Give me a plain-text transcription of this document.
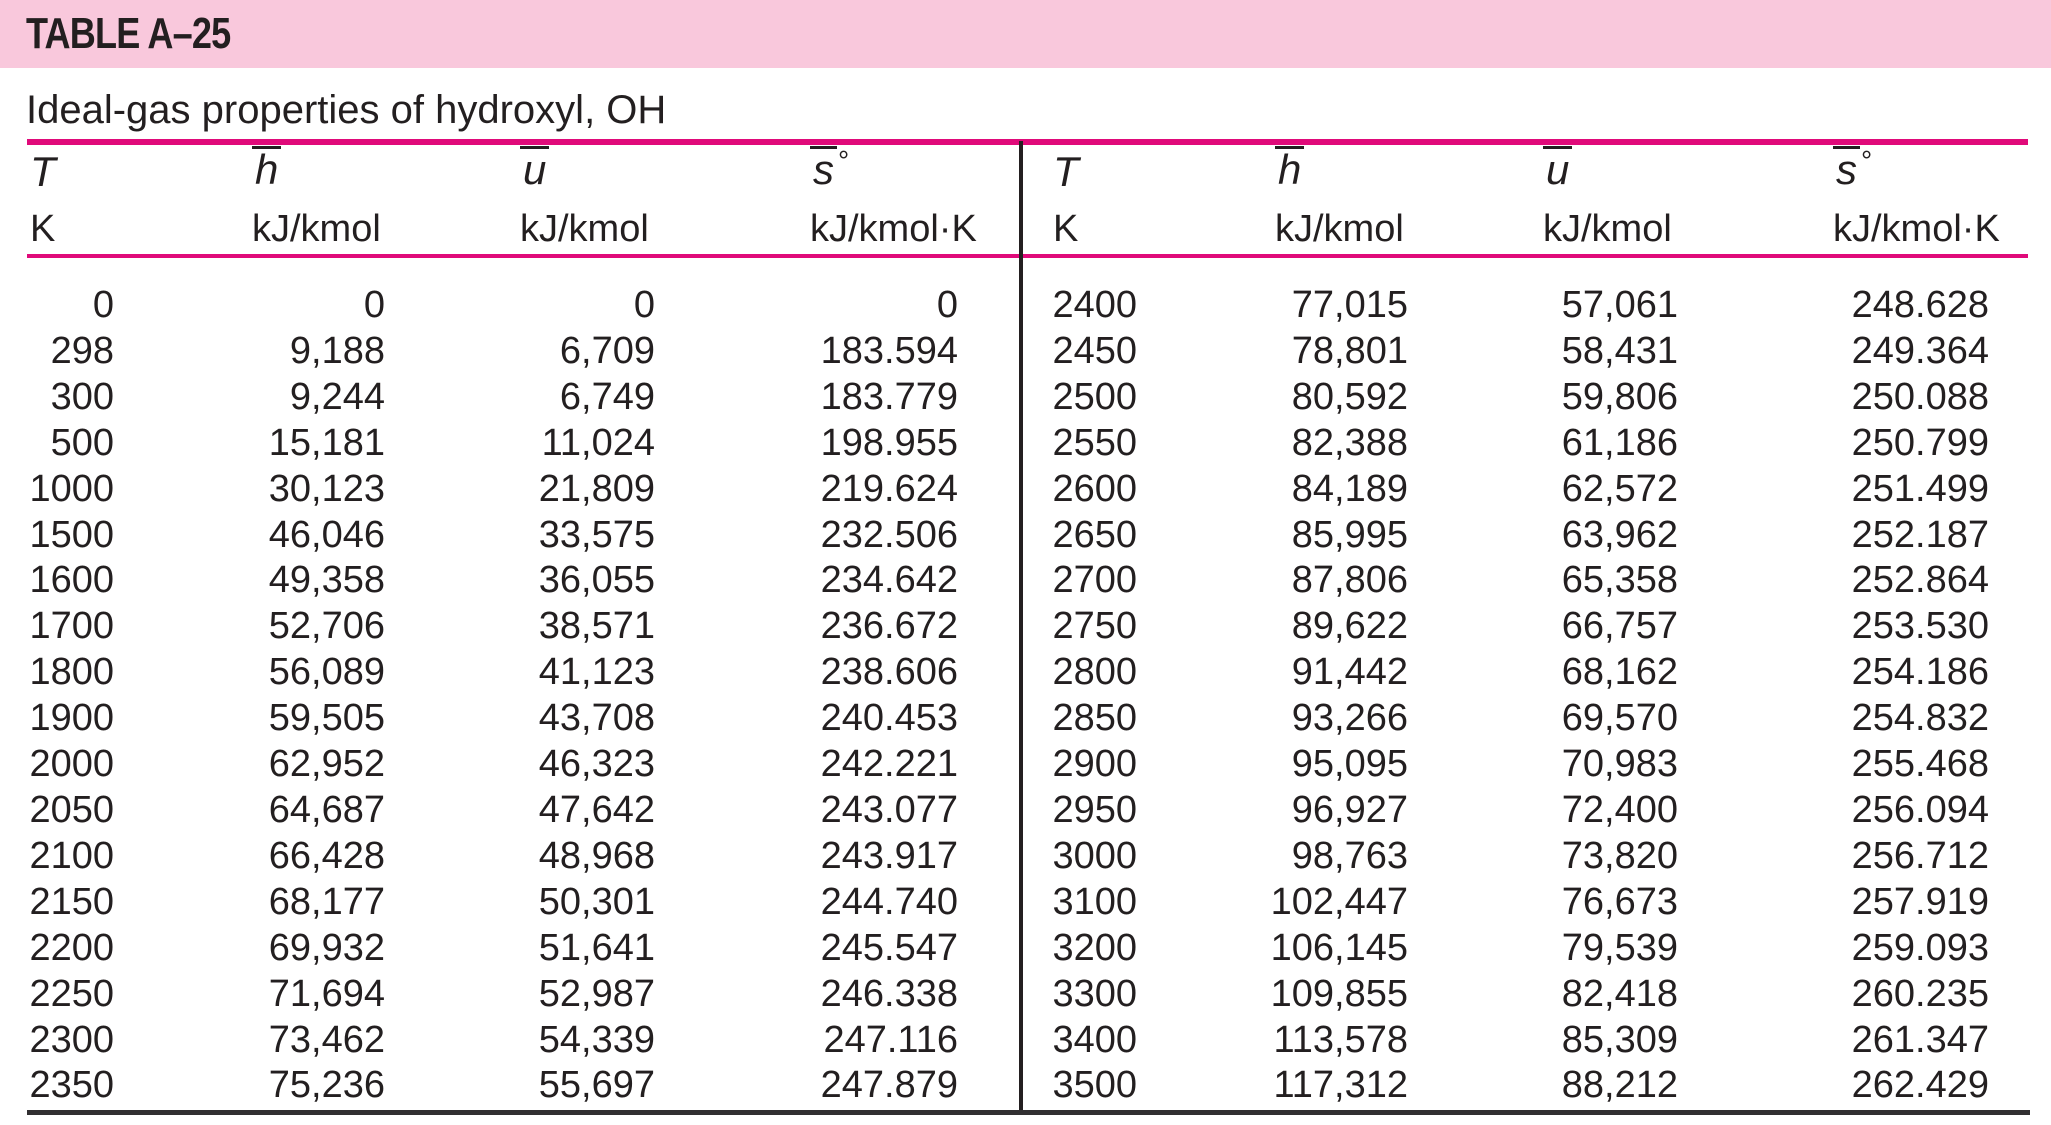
TABLE A–25
Ideal-gas properties of hydroxyl, OH
T	h	u	s °
K	kJ/kmol	kJ/kmol	kJ/kmol·K
0	0	0	0
298	9,188	6,709	183.594
300	9,244	6,749	183.779
500	15,181	11,024	198.955
1000	30,123	21,809	219.624
1500	46,046	33,575	232.506
1600	49,358	36,055	234.642
1700	52,706	38,571	236.672
1800	56,089	41,123	238.606
1900	59,505	43,708	240.453
2000	62,952	46,323	242.221
2050	64,687	47,642	243.077
2100	66,428	48,968	243.917
2150	68,177	50,301	244.740
2200	69,932	51,641	245.547
2250	71,694	52,987	246.338
2300	73,462	54,339	247.116
2350	75,236	55,697	247.879
T	h	u	s °
K	kJ/kmol	kJ/kmol	kJ/kmol·K
2400	77,015	57,061	248.628
2450	78,801	58,431	249.364
2500	80,592	59,806	250.088
2550	82,388	61,186	250.799
2600	84,189	62,572	251.499
2650	85,995	63,962	252.187
2700	87,806	65,358	252.864
2750	89,622	66,757	253.530
2800	91,442	68,162	254.186
2850	93,266	69,570	254.832
2900	95,095	70,983	255.468
2950	96,927	72,400	256.094
3000	98,763	73,820	256.712
3100	102,447	76,673	257.919
3200	106,145	79,539	259.093
3300	109,855	82,418	260.235
3400	113,578	85,309	261.347
3500	117,312	88,212	262.429
